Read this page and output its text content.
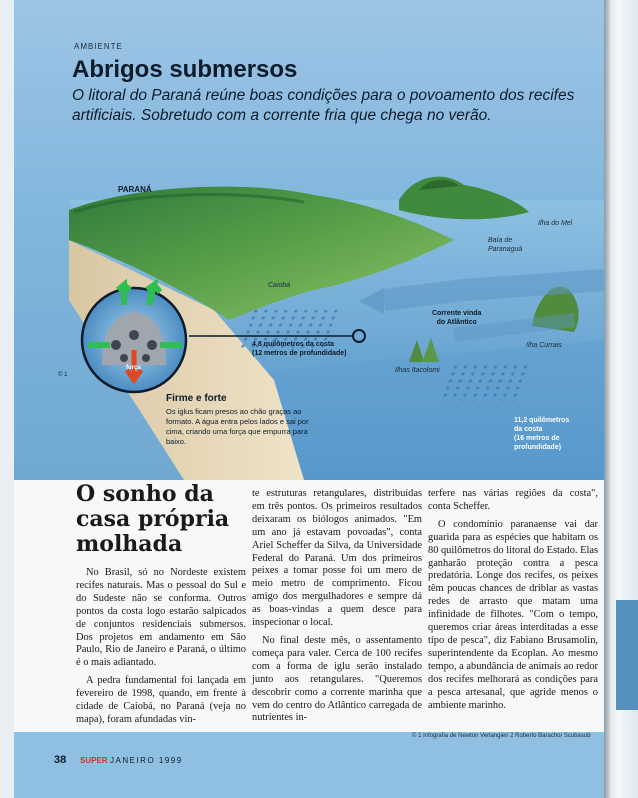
AMBIENTE
Abrigos submersos

O litoral do Paraná reúne boas condições para o povoamento dos recifes artificiais. Sobretudo com a corrente fria que chega no verão.

PARANÁ
Ilha do Mel
Baía de
Paranaguá
Caiobá
Corrente vinda
do Atlântico
Ilha Currais
Ilhas Itacolomi
4,8 quilômetros da costa
(12 metros de profundidade)
11,2 quilômetros
da costa
(16 metros de
profundidade)
força
© 1
Firme e forte
Os iglus ficam presos ao chão graças ao formato. A água entra pelos lados e sai por cima, criando uma força que empurra para baixo.
O sonho da casa própria molhada

No Brasil, só no Nordeste existem recifes naturais. Mas o pessoal do Sul e do Sudeste não se conforma. Outros pontos da costa logo estarão salpicados de conjuntos residenciais submersos. Dos projetos em andamento em São Paulo, Rio de Janeiro e Paraná, o último é o mais adiantado.

A pedra fundamental foi lançada em fevereiro de 1998, quando, em frente à cidade de Caiobá, no Paraná (veja no mapa), foram afundadas vin-

te estruturas retangulares, distribuídas em três pontos. Os primeiros resultados deixaram os biólogos animados. "Em um ano já estavam povoadas", conta Ariel Scheffer da Silva, da Universidade Federal do Paraná. Um dos primeiros peixes a tomar posse foi um mero de meio metro de comprimento. Ficou amigo dos mergulhadores e sempre dá as boas-vindas a quem desce para inspecionar o local.

No final deste mês, o assentamento começa para valer. Cerca de 100 recifes com a forma de iglu serão instalado junto aos retangulares. "Queremos descobrir como a corrente marinha que vem do centro do Atlântico carregada de nutrientes in-

terfere nas várias regiões da costa", conta Scheffer.

O condomínio paranaense vai dar guarida para as espécies que habitam os 80 quilômetros do litoral do Estado. Elas ganharão proteção contra a pesca predatória. Longe dos recifes, os peixes têm poucas chances de driblar as vastas redes de arrasto que matam uma infinidade de filhotes. "Com o tempo, queremos criar áreas interditadas a esse tipo de pesca", diz Fabiano Brusamolin, superintendente da Ecoplan. Ao mesmo tempo, a abundância de animais ao redor dos recifes melhorará as condições para a pesca artesanal, que agride menos o ambiente marinho.

© 1 Infografia de Newton Verlangieri 2 Roberto Baracho/ Scubasub
38 SUPER JANEIRO 1999
